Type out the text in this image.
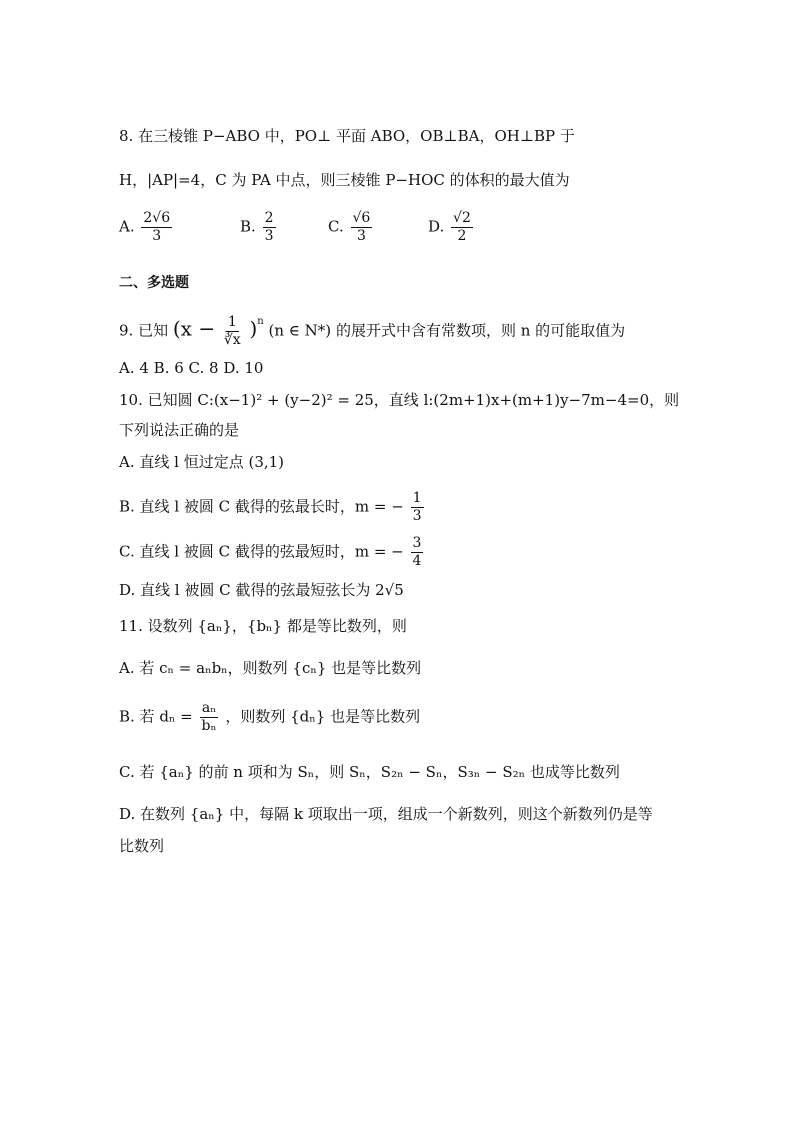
8. 在三棱锥 P−ABO 中，PO⊥ 平面 ABO，OB⊥BA，OH⊥BP 于
H，|AP|=4，C 为 PA 中点，则三棱锥 P−HOC 的体积的最大值为
A. $\frac{2√6}{3}$	B. $\frac{2}{3}$	C. $\frac{√6}{3}$	D. $\frac{√2}{2}$
二、多选题
9. 已知 $(x - \frac{1}{∛x} )^n$ (n ∈ N*) 的展开式中含有常数项，则 n 的可能取值为
A. 4 B. 6 C. 8 D. 10
10. 已知圆 C:(x−1)² + (y−2)² = 25，直线 l:(2m+1)x+(m+1)y−7m−4=0，则
下列说法正确的是
A. 直线 l 恒过定点 (3,1)
B. 直线 l 被圆 C 截得的弦最长时，m = − $\frac{1}{3}$
C. 直线 l 被圆 C 截得的弦最短时，m = − $\frac{3}{4}$
D. 直线 l 被圆 C 截得的弦最短弦长为 2√5
11. 设数列 {aₙ}，{bₙ} 都是等比数列，则
A. 若 cₙ = aₙbₙ，则数列 {cₙ} 也是等比数列
B. 若 $d_n = \frac{\text{aₙ}}{\text{bₙ}}$ ，则数列 {dₙ} 也是等比数列
C. 若 {aₙ} 的前 n 项和为 Sₙ，则 Sₙ，S₂ₙ − Sₙ，S₃ₙ − S₂ₙ 也成等比数列
D. 在数列 {aₙ} 中，每隔 k 项取出一项，组成一个新数列，则这个新数列仍是等
比数列
